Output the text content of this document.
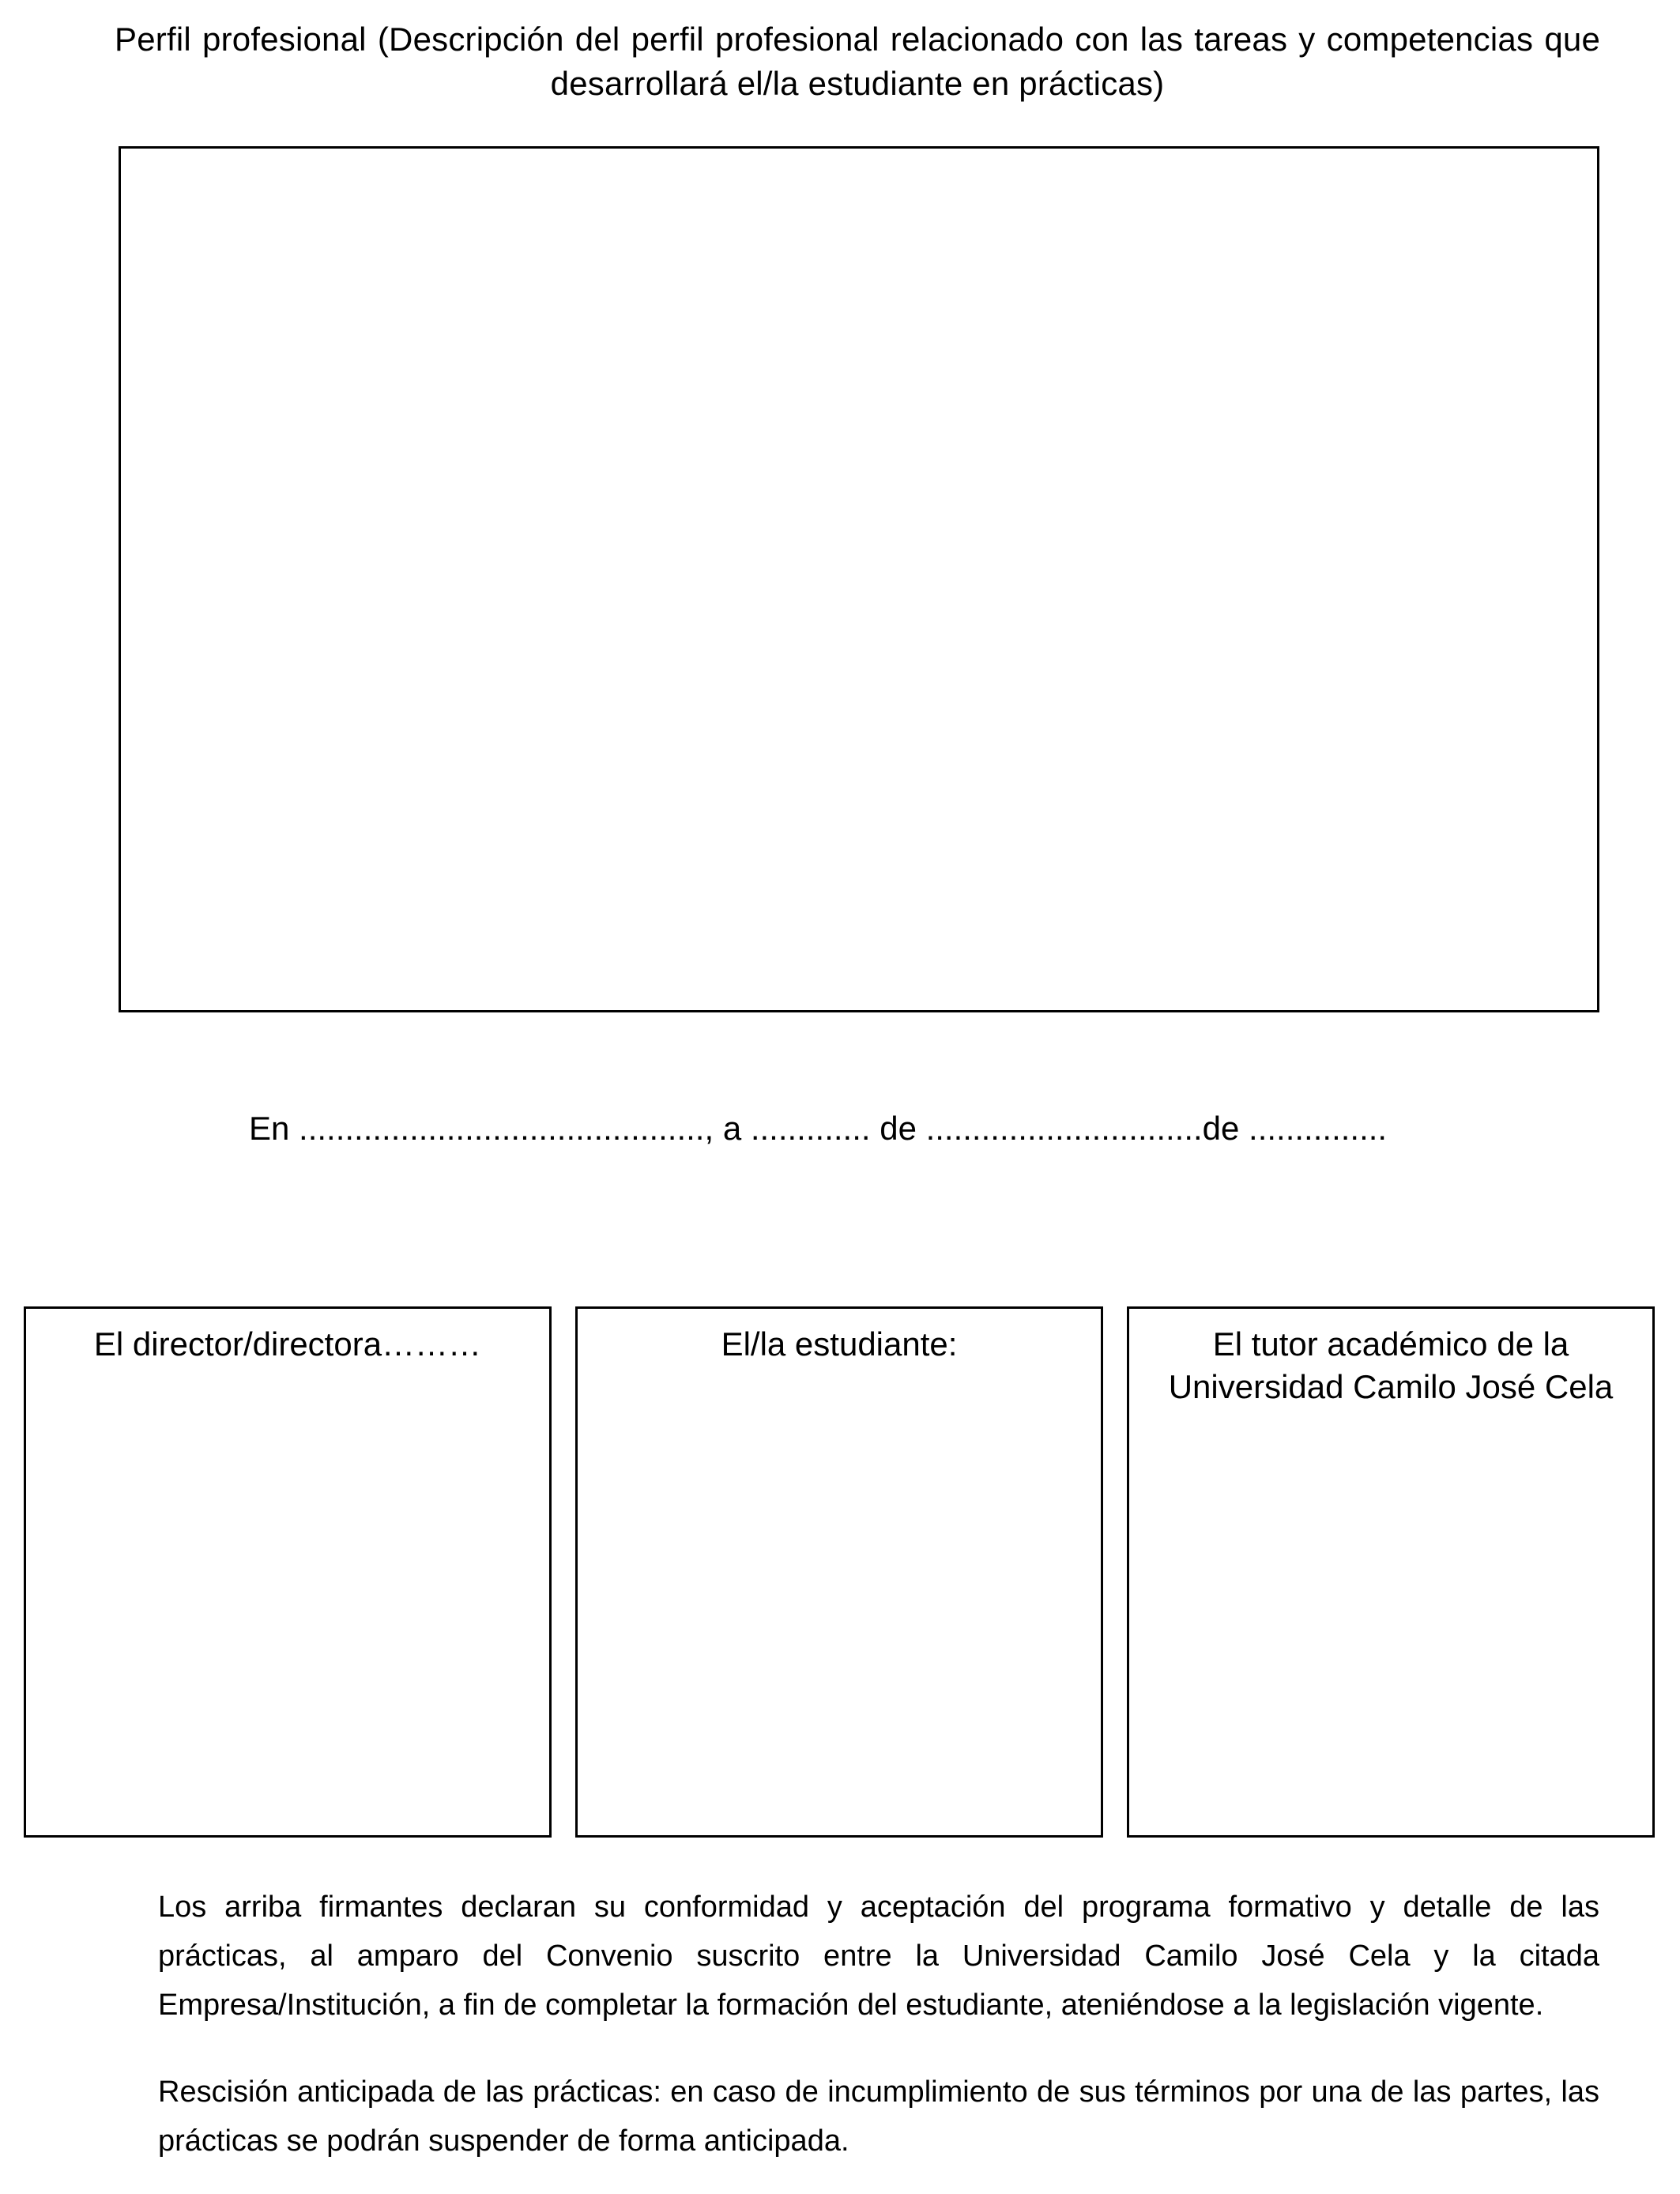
Perfil profesional (Descripción del perfil profesional relacionado con las tareas y competencias que desarrollará el/la estudiante en prácticas)
En ............................................, a ............. de ..............................de ...............
El director/directora………	El/la estudiante:	El tutor académico de la
Universidad Camilo José Cela

Los arriba firmantes declaran su conformidad y aceptación del programa formativo y detalle de las prácticas, al amparo del Convenio suscrito entre la Universidad Camilo José Cela y la citada Empresa/Institución, a fin de completar la formación del estudiante, ateniéndose a la legislación vigente.

Rescisión anticipada de las prácticas: en caso de incumplimiento de sus términos por una de las partes, las prácticas se podrán suspender de forma anticipada.
